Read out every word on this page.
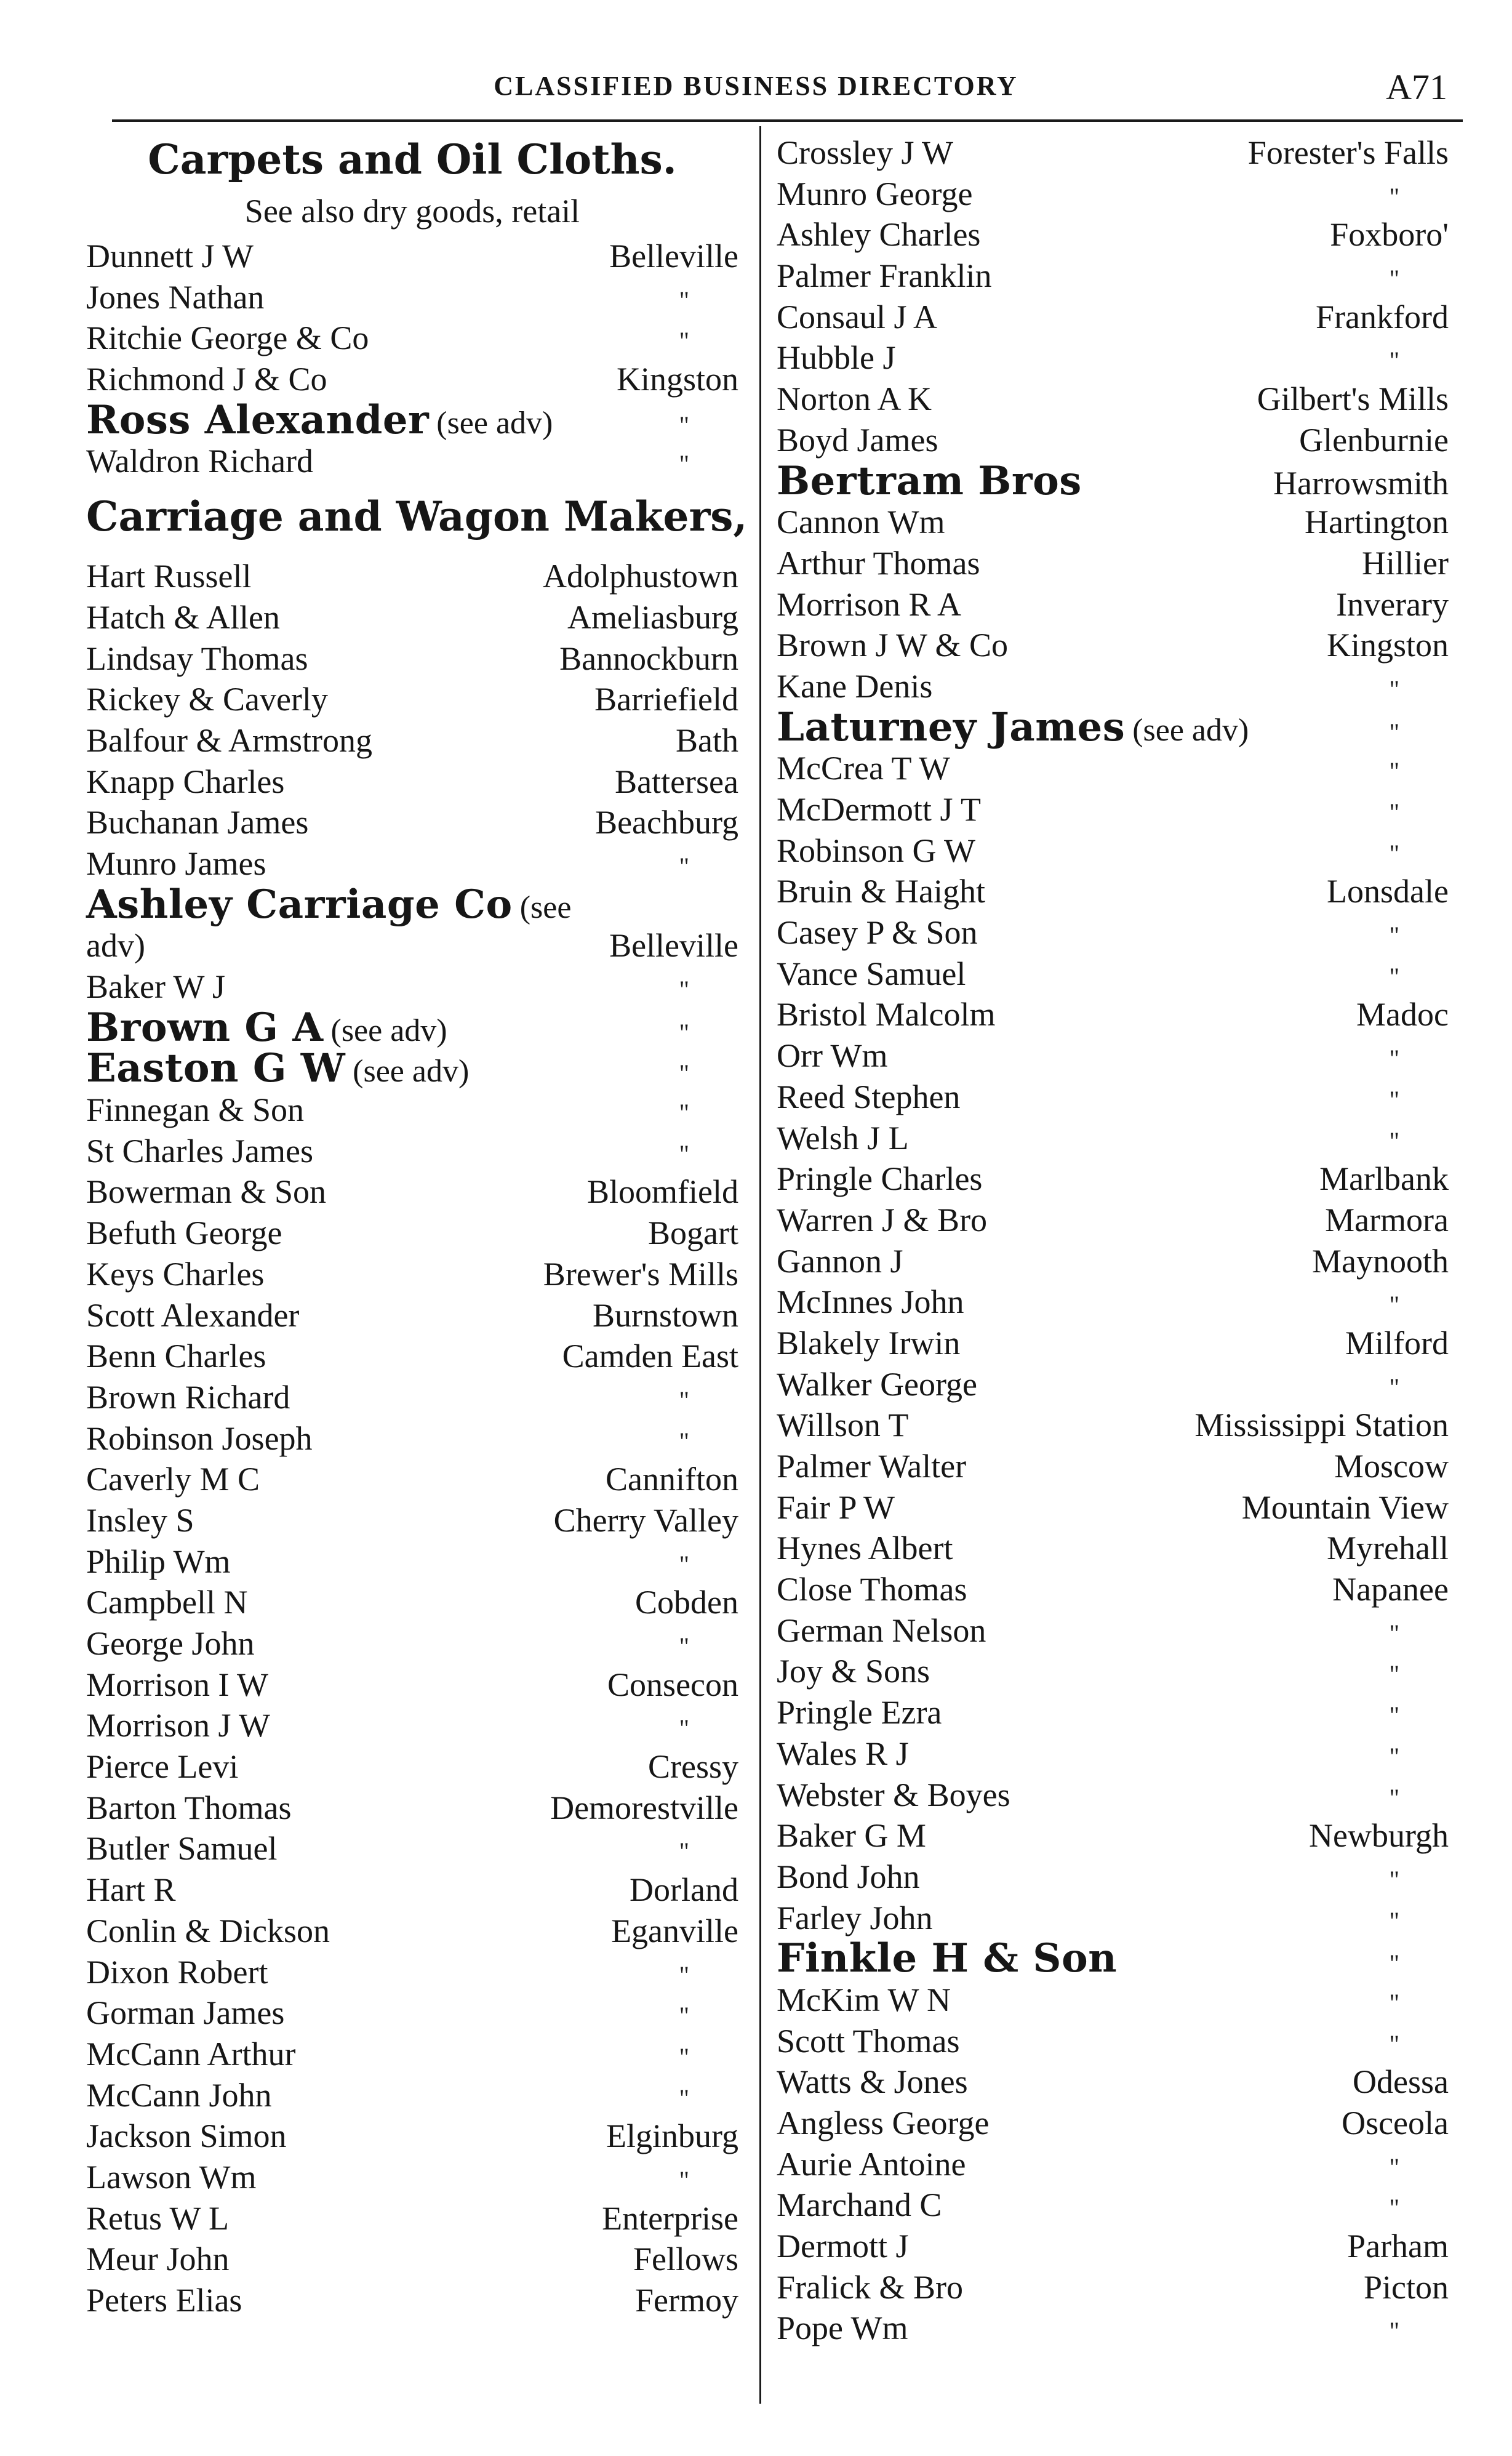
CLASSIFIED BUSINESS DIRECTORY	A71
Carpets and Oil Cloths.
See also dry goods, retail
Dunnett J W	Belleville
Jones Nathan	"
Ritchie George & Co	"
Richmond J & Co	Kingston
Ross Alexander (see adv)	"
Waldron Richard	"
Carriage and Wagon Makers,
Hart Russell	Adolphustown
Hatch & Allen	Ameliasburg
Lindsay Thomas	Bannockburn
Rickey & Caverly	Barriefield
Balfour & Armstrong	Bath
Knapp Charles	Battersea
Buchanan James	Beachburg
Munro James	"
Ashley Carriage Co (see
adv)	Belleville
Baker W J	"
Brown G A (see adv)	"
Easton G W (see adv)	"
Finnegan & Son	"
St Charles James	"
Bowerman & Son	Bloomfield
Befuth George	Bogart
Keys Charles	Brewer's Mills
Scott Alexander	Burnstown
Benn Charles	Camden East
Brown Richard	"
Robinson Joseph	"
Caverly M C	Cannifton
Insley S	Cherry Valley
Philip Wm	"
Campbell N	Cobden
George John	"
Morrison I W	Consecon
Morrison J W	"
Pierce Levi	Cressy
Barton Thomas	Demorestville
Butler Samuel	"
Hart R	Dorland
Conlin & Dickson	Eganville
Dixon Robert	"
Gorman James	"
McCann Arthur	"
McCann John	"
Jackson Simon	Elginburg
Lawson Wm	"
Retus W L	Enterprise
Meur John	Fellows
Peters Elias	Fermoy
Crossley J W	Forester's Falls
Munro George	"
Ashley Charles	Foxboro'
Palmer Franklin	"
Consaul J A	Frankford
Hubble J	"
Norton A K	Gilbert's Mills
Boyd James	Glenburnie
Bertram Bros	Harrowsmith
Cannon Wm	Hartington
Arthur Thomas	Hillier
Morrison R A	Inverary
Brown J W & Co	Kingston
Kane Denis	"
Laturney James (see adv)	"
McCrea T W	"
McDermott J T	"
Robinson G W	"
Bruin & Haight	Lonsdale
Casey P & Son	"
Vance Samuel	"
Bristol Malcolm	Madoc
Orr Wm	"
Reed Stephen	"
Welsh J L	"
Pringle Charles	Marlbank
Warren J & Bro	Marmora
Gannon J	Maynooth
McInnes John	"
Blakely Irwin	Milford
Walker George	"
Willson T	Mississippi Station
Palmer Walter	Moscow
Fair P W	Mountain View
Hynes Albert	Myrehall
Close Thomas	Napanee
German Nelson	"
Joy & Sons	"
Pringle Ezra	"
Wales R J	"
Webster & Boyes	"
Baker G M	Newburgh
Bond John	"
Farley John	"
Finkle H & Son	"
McKim W N	"
Scott Thomas	"
Watts & Jones	Odessa
Angless George	Osceola
Aurie Antoine	"
Marchand C	"
Dermott J	Parham
Fralick & Bro	Picton
Pope Wm	"
